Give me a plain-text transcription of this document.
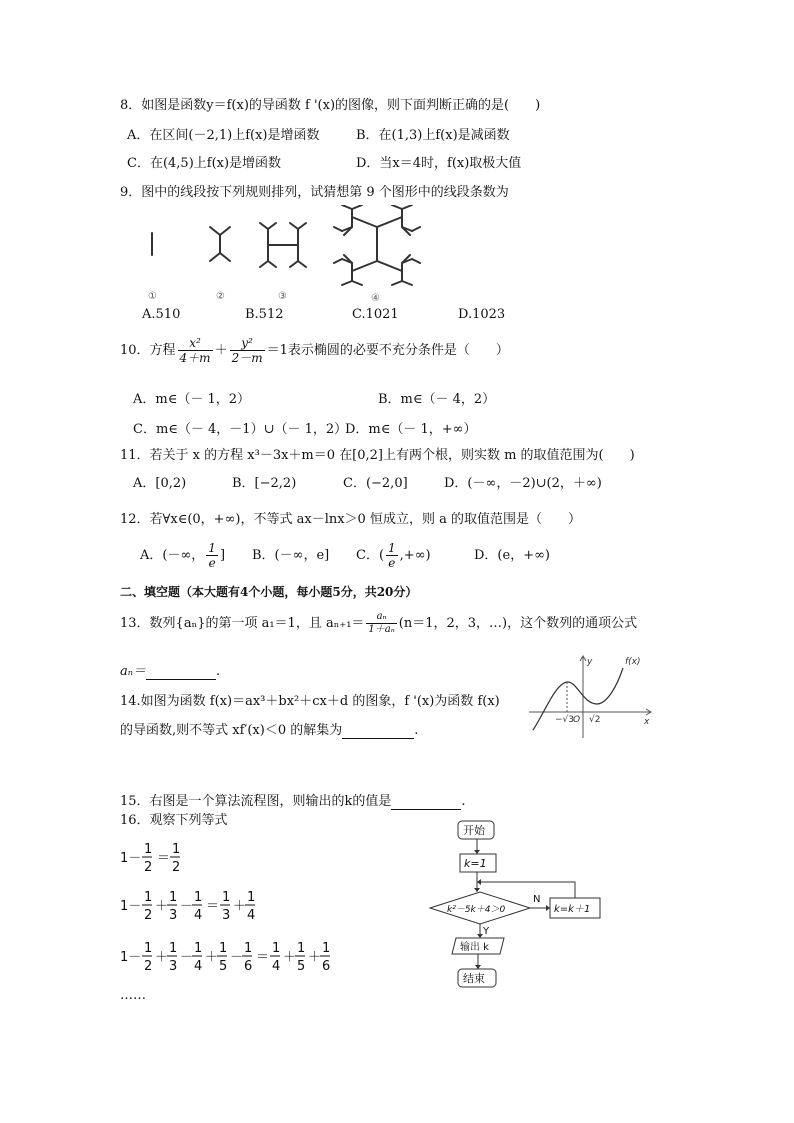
8．如图是函数y＝f(x)的导函数 f '(x)的图像，则下面判断正确的是(　　)
A．在区间(－2,1)上f(x)是增函数	B．在(1,3)上f(x)是减函数
C．在(4,5)上f(x)是增函数	D．当x＝4时，f(x)取极大值
9．图中的线段按下列规则排列，试猜想第 9 个图形中的线段条数为
①	②	③	④
A.510	B.512	C.1021	D.1023
10．方程 $\frac{\text{x²}}{4+m} + \frac{\text{y²}}{2-m} =1$表示椭圆的必要不充分条件是（　　）
A．m∈（－ 1，2）	B．m∈（－ 4，2）
C．m∈（－ 4，－1）∪（－ 1，2）
D．m∈（－ 1，+∞）
11．若关于 x 的方程 x³－3x＋m＝0 在[0,2]上有两个根，则实数 m 的取值范围为(　　)
A．[0,2)	B．[−2,2)	C．(−2,0]	D．(－∞，－2)∪(2，＋∞)
12．若∀x∈(0，+∞)，不等式 ax－lnx＞0 恒成立，则 a 的取值范围是（　　）
A．(－∞， $\frac{1}{e}$ ] B．(－∞，e] C．( $\frac{1}{e}$ ,+∞)	D．(e，+∞)
二、填空题（本大题有4个小题，每小题5分，共20分）
13．数列{aₙ}的第一项 a₁＝1，且 $a_{n+1}= \frac{\text{aₙ}}{\text{1＋aₙ}} (n=1$，2，3，…)，这个数列的通项公式
aₙ＝	.
14.如图为函数 f(x)＝ax³＋bx²＋cx＋d 的图象，f '(x)为函数 f(x)
的导函数,则不等式 xf′(x)＜0 的解集为	.
y
x
f(x)
O
−√3 √2
15．右图是一个算法流程图，则输出的k的值是	.
16．观察下列等式
1－
1
2
＝
1
2
1－
1
2
＋
1
3
－
1
4
＝
1
3
＋
1
4
1－
1
2
＋
1
3
－
1
4
＋
1
5
－
1
6
＝
1
4
＋
1
5
＋
1
6
……
开始
k=1
k²－5k＋4＞0
N
k=k＋1
Y
输出 k
结束
